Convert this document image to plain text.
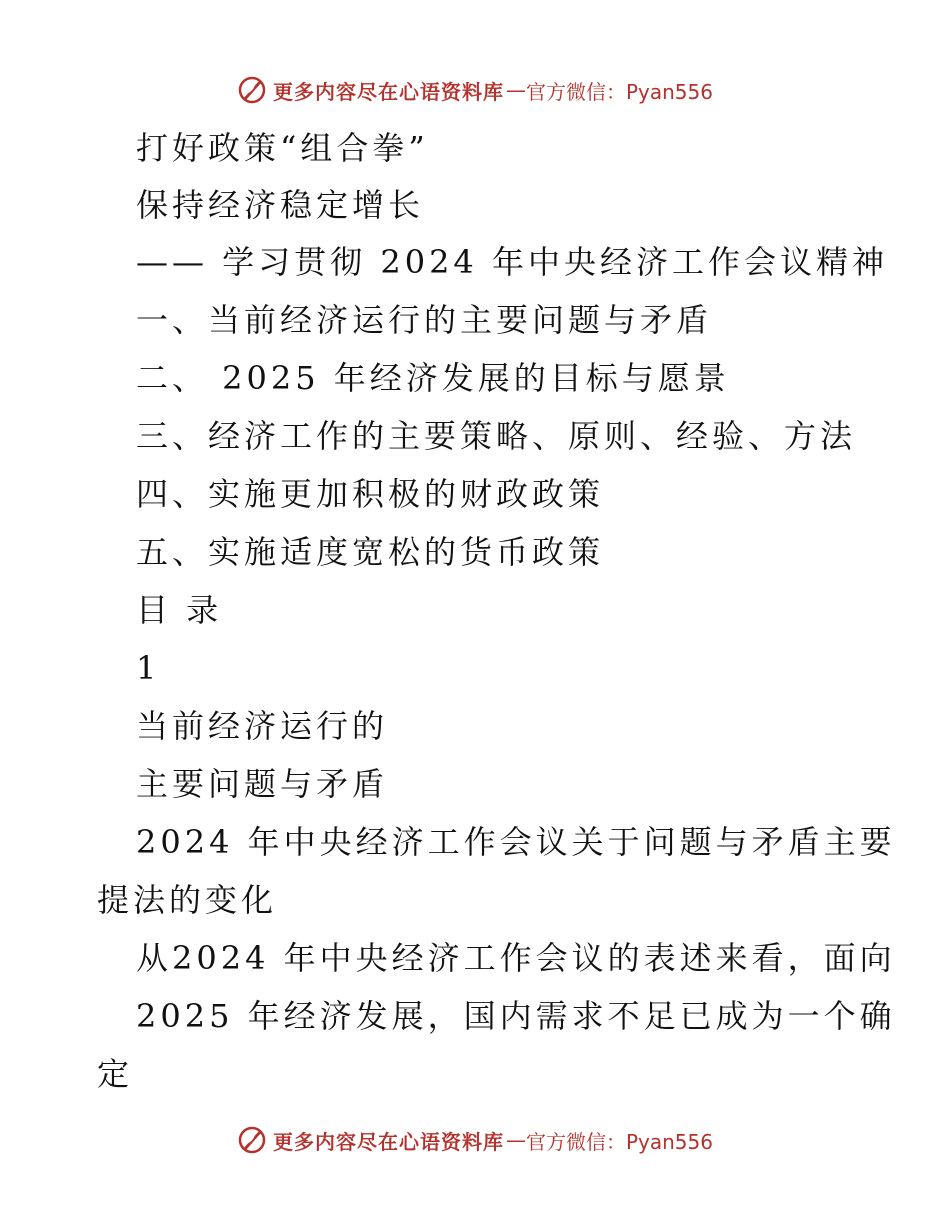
更多内容尽在心语资料库 — 官方微信：Pyan556
打好政策“组合拳”
保持经济稳定增长
—— 学习贯彻 2024 年中央经济工作会议精神
一、当前经济运行的主要问题与矛盾
二、 2025 年经济发展的目标与愿景
三、经济工作的主要策略、原则、经验、方法
四、实施更加积极的财政政策
五、实施适度宽松的货币政策
目 录
1
当前经济运行的
主要问题与矛盾
2024 年中央经济工作会议关于问题与矛盾主要
提法的变化
从2024 年中央经济工作会议的表述来看，面向
2025 年经济发展，国内需求不足已成为一个确
定
更多内容尽在心语资料库 — 官方微信：Pyan556
